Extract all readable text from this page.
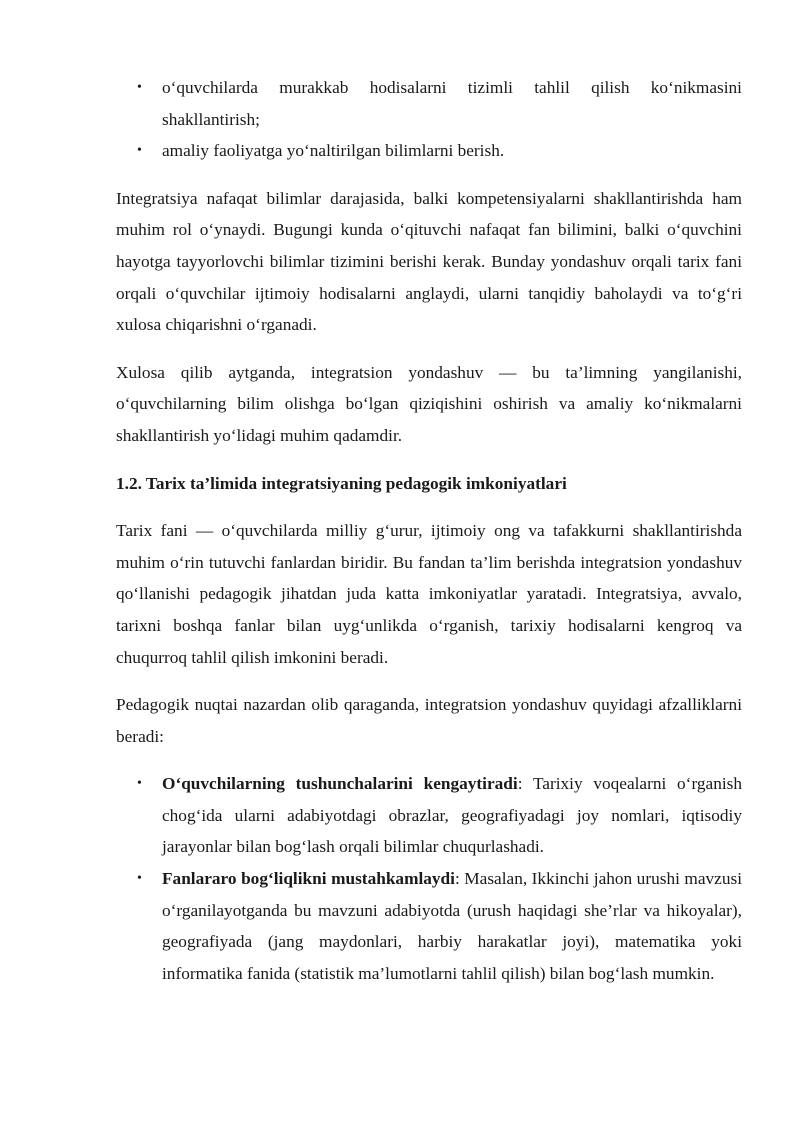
• o‘quvchilarda murakkab hodisalarni tizimli tahlil qilish ko‘nikmasini shakllantirish;
• amaliy faoliyatga yo‘naltirilgan bilimlarni berish.

Integratsiya nafaqat bilimlar darajasida, balki kompetensiyalarni shakllantirishda ham muhim rol o‘ynaydi. Bugungi kunda o‘qituvchi nafaqat fan bilimini, balki o‘quvchini hayotga tayyorlovchi bilimlar tizimini berishi kerak. Bunday yondashuv orqali tarix fani orqali o‘quvchilar ijtimoiy hodisalarni anglaydi, ularni tanqidiy baholaydi va to‘g‘ri xulosa chiqarishni o‘rganadi.

Xulosa qilib aytganda, integratsion yondashuv — bu ta’limning yangilanishi, o‘quvchilarning bilim olishga bo‘lgan qiziqishini oshirish va amaliy ko‘nikmalarni shakllantirish yo‘lidagi muhim qadamdir.

1.2. Tarix ta’limida integratsiyaning pedagogik imkoniyatlari

Tarix fani — o‘quvchilarda milliy g‘urur, ijtimoiy ong va tafakkurni shakllantirishda muhim o‘rin tutuvchi fanlardan biridir. Bu fandan ta’lim berishda integratsion yondashuv qo‘llanishi pedagogik jihatdan juda katta imkoniyatlar yaratadi. Integratsiya, avvalo, tarixni boshqa fanlar bilan uyg‘unlikda o‘rganish, tarixiy hodisalarni kengroq va chuqurroq tahlil qilish imkonini beradi.

Pedagogik nuqtai nazardan olib qaraganda, integratsion yondashuv quyidagi afzalliklarni beradi:

• O‘quvchilarning tushunchalarini kengaytiradi: Tarixiy voqealarni o‘rganish chog‘ida ularni adabiyotdagi obrazlar, geografiyadagi joy nomlari, iqtisodiy jarayonlar bilan bog‘lash orqali bilimlar chuqurlashadi.
• Fanlararo bog‘liqlikni mustahkamlaydi: Masalan, Ikkinchi jahon urushi mavzusi o‘rganilayotganda bu mavzuni adabiyotda (urush haqidagi she’rlar va hikoyalar), geografiyada (jang maydonlari, harbiy harakatlar joyi), matematika yoki informatika fanida (statistik ma’lumotlarni tahlil qilish) bilan bog‘lash mumkin.
